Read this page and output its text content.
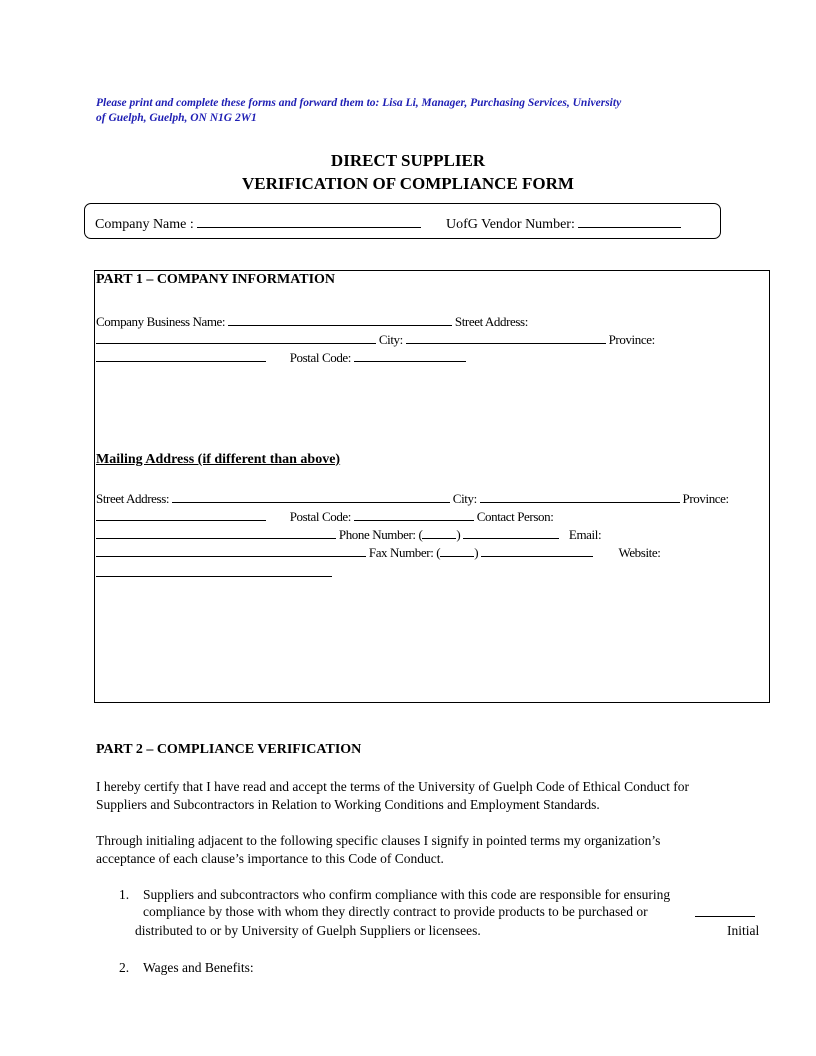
Please print and complete these forms and forward them to: Lisa Li, Manager, Purchasing Services, University
of Guelph, Guelph, ON N1G 2W1
DIRECT SUPPLIER
VERIFICATION OF COMPLIANCE FORM
Company Name :	UofG Vendor Number:
PART 1 – COMPANY INFORMATION
Company Business Name:	Street Address:
City:	Province:
Postal Code:
Mailing Address (if different than above)
Street Address:	City:	Province:
Postal Code:	Contact Person:
Phone Number: (	)	Email:
Fax Number: (	)	Website:
PART 2 – COMPLIANCE VERIFICATION
I hereby certify that I have read and accept the terms of the University of Guelph Code of Ethical Conduct for
Suppliers and Subcontractors in Relation to Working Conditions and Employment Standards.
Through initialing adjacent to the following specific clauses I signify in pointed terms my organization’s
acceptance of each clause’s importance to this Code of Conduct.
1. Suppliers and subcontractors who confirm compliance with this code are responsible for ensuring
compliance by those with whom they directly contract to provide products to be purchased or
distributed to or by University of Guelph Suppliers or licensees.	Initial
2. Wages and Benefits:
